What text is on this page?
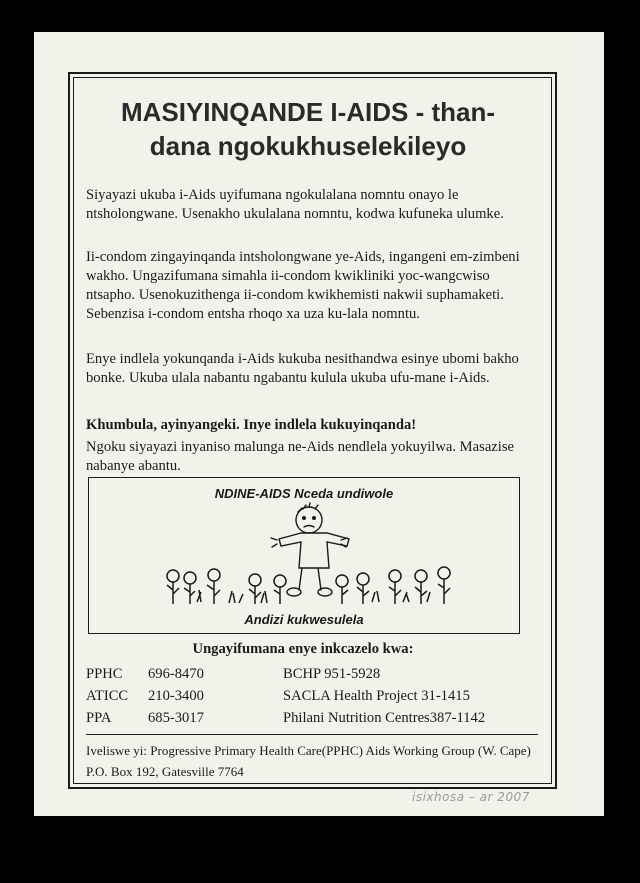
MASIYINQANDE I-AIDS - than-
dana ngokukhuselekileyo

Siyayazi ukuba i-Aids uyifumana ngokulalana nomntu onayo le ntsholongwane. Usenakho ukulalana nomntu, kodwa kufuneka ulumke.

Ii-condom zingayinqanda intsholongwane ye-Aids, ingangeni em-zimbeni wakho. Ungazifumana simahla ii-condom kwikliniki yoc-wangcwiso ntsapho. Usenokuzithenga ii-condom kwikhemisti nakwii suphamaketi. Sebenzisa i-condom entsha rhoqo xa uza ku-lala nomntu.

Enye indlela yokunqanda i-Aids kukuba nesithandwa esinye ubomi bakho bonke. Ukuba ulala nabantu ngabantu kulula ukuba ufu-mane i-Aids.

Khumbula, ayinyangeki. Inye indlela kukuyinqanda!

Ngoku siyayazi inyaniso malunga ne-Aids nendlela yokuyilwa. Masazise nabanye abantu.

NDINE-AIDS Nceda undiwole
Andizi kukwesulela
Ungayifumana enye inkcazelo kwa:
PPHC 696-8470	BCHP 951-5928
ATICC 210-3400	SACLA Health Project 31-1415
PPA	685-3017	Philani Nutrition Centres387-1142

Iveliswe yi: Progressive Primary Health Care(PPHC) Aids Working Group (W. Cape) P.O. Box 192, Gatesville 7764

isixhosa – ar 2007
